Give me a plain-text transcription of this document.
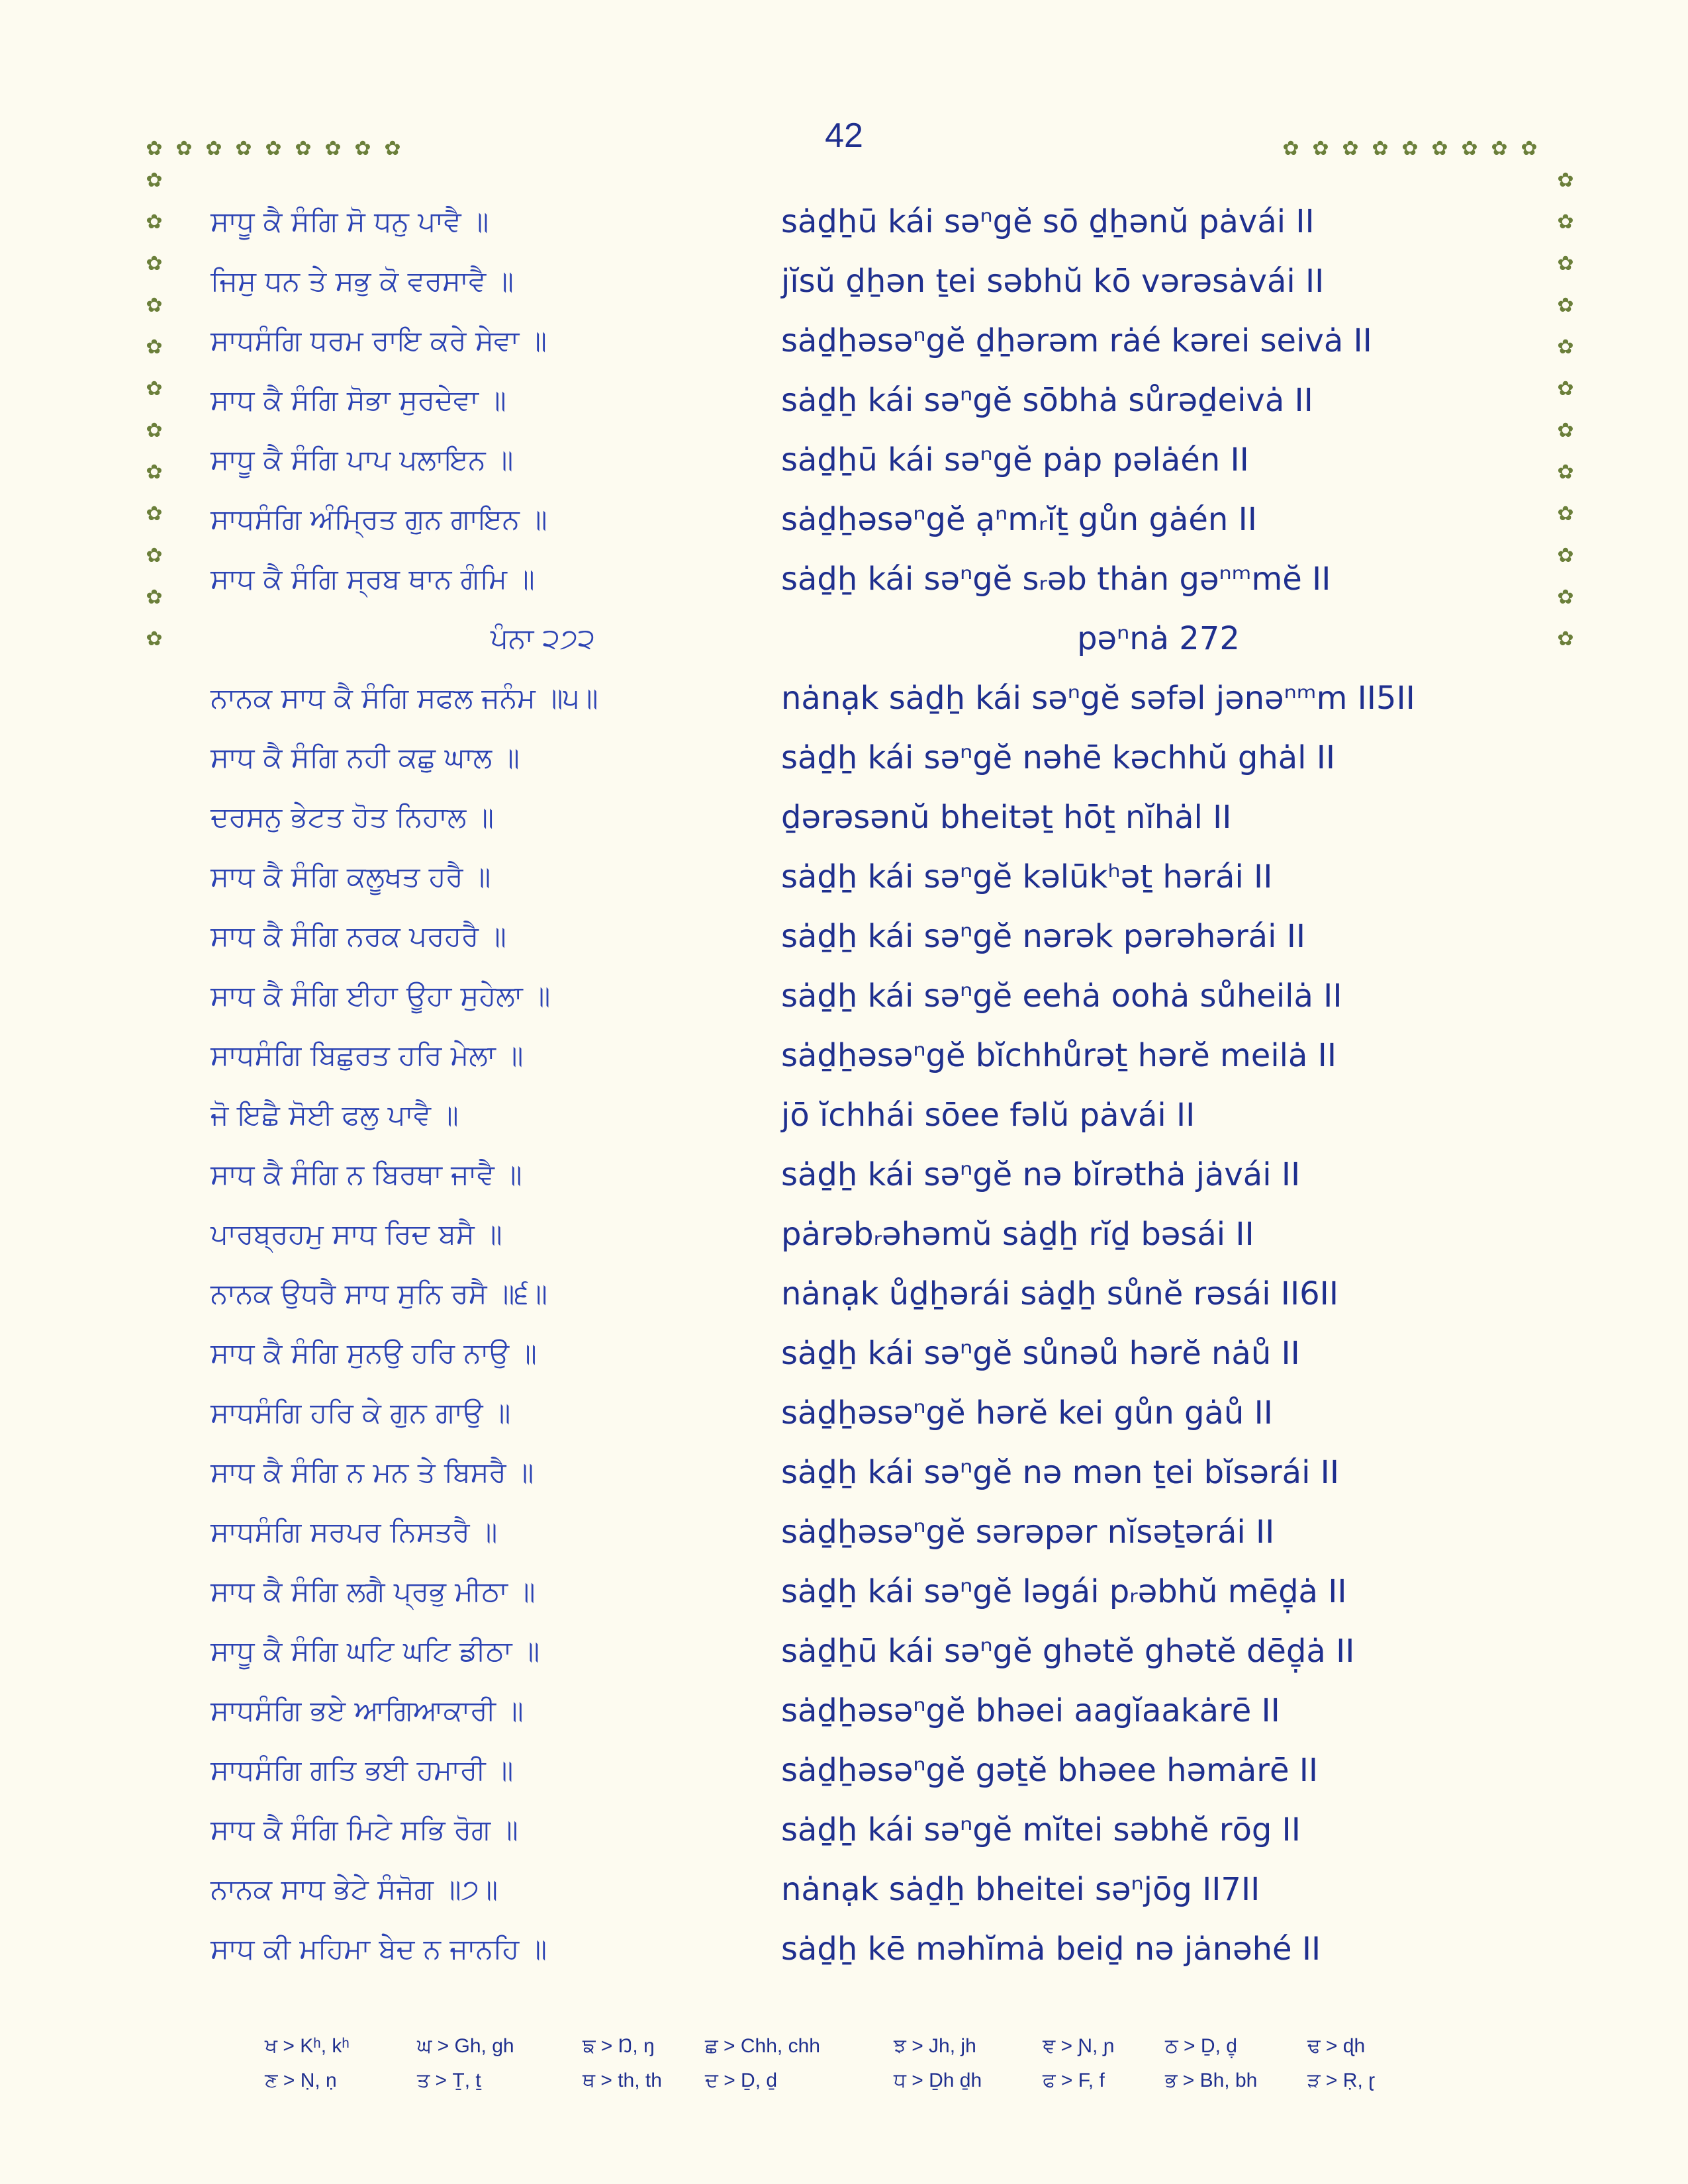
42
✿ ✿ ✿ ✿ ✿ ✿ ✿ ✿ ✿	✿ ✿ ✿ ✿ ✿ ✿ ✿ ✿ ✿
✿
✿
✿
✿
✿
✿
✿
✿
✿
✿
✿
✿
✿
✿
✿
✿
✿
✿
✿
✿
✿
✿
✿
✿
ਸਾਧੂ ਕੈ ਸੰਗਿ ਸੋ ਧਨੁ ਪਾਵੈ ॥	sȧḏẖū kái səⁿgĕ sō ḏẖənŭ pȧvái II
ਜਿਸੁ ਧਨ ਤੇ ਸਭੁ ਕੋ ਵਰਸਾਵੈ ॥	jĭsŭ ḏẖən ṯei səbhŭ kō vərəsȧvái II
ਸਾਧਸੰਗਿ ਧਰਮ ਰਾਇ ਕਰੇ ਸੇਵਾ ॥	sȧḏẖəsəⁿgĕ ḏẖərəm rȧé kərei seivȧ II
ਸਾਧ ਕੈ ਸੰਗਿ ਸੋਭਾ ਸੁਰਦੇਵਾ ॥	sȧḏẖ kái səⁿgĕ sōbhȧ sůrəḏeivȧ II
ਸਾਧੂ ਕੈ ਸੰਗਿ ਪਾਪ ਪਲਾਇਨ ॥	sȧḏẖū kái səⁿgĕ pȧp pəlȧén II
ਸਾਧਸੰਗਿ ਅੰਮ੍ਰਿਤ ਗੁਨ ਗਾਇਨ ॥	sȧḏẖəsəⁿgĕ ạⁿmᵣĭṯ gůn gȧén II
ਸਾਧ ਕੈ ਸੰਗਿ ਸ੍ਰਬ ਥਾਨ ਗੰਮਿ ॥	sȧḏẖ kái səⁿgĕ sᵣəb thȧn gəⁿᵐmĕ II
ਪੰਨਾ ੨੭੨	pəⁿnȧ 272
ਨਾਨਕ ਸਾਧ ਕੈ ਸੰਗਿ ਸਫਲ ਜਨੰਮ ॥੫॥	nȧnạk sȧḏẖ kái səⁿgĕ səfəl jənəⁿᵐm II5II
ਸਾਧ ਕੈ ਸੰਗਿ ਨਹੀ ਕਛੁ ਘਾਲ ॥	sȧḏẖ kái səⁿgĕ nəhē kəchhŭ ghȧl II
ਦਰਸਨੁ ਭੇਟਤ ਹੋਤ ਨਿਹਾਲ ॥	ḏərəsənŭ bheitəṯ hōṯ nĭhȧl II
ਸਾਧ ਕੈ ਸੰਗਿ ਕਲੂਖਤ ਹਰੈ ॥	sȧḏẖ kái səⁿgĕ kəlūkʰəṯ hərái II
ਸਾਧ ਕੈ ਸੰਗਿ ਨਰਕ ਪਰਹਰੈ ॥	sȧḏẖ kái səⁿgĕ nərək pərəhərái II
ਸਾਧ ਕੈ ਸੰਗਿ ਈਹਾ ਊਹਾ ਸੁਹੇਲਾ ॥	sȧḏẖ kái səⁿgĕ eehȧ oohȧ sůheilȧ II
ਸਾਧਸੰਗਿ ਬਿਛੁਰਤ ਹਰਿ ਮੇਲਾ ॥	sȧḏẖəsəⁿgĕ bĭchhůrəṯ hərĕ meilȧ II
ਜੋ ਇਛੈ ਸੋਈ ਫਲੁ ਪਾਵੈ ॥	jō ĭchhái sōee fəlŭ pȧvái II
ਸਾਧ ਕੈ ਸੰਗਿ ਨ ਬਿਰਥਾ ਜਾਵੈ ॥	sȧḏẖ kái səⁿgĕ nə bĭrəthȧ jȧvái II
ਪਾਰਬ੍ਰਹਮੁ ਸਾਧ ਰਿਦ ਬਸੈ ॥	pȧrəbᵣəhəmŭ sȧḏẖ rĭḏ bəsái II
ਨਾਨਕ ਉਧਰੈ ਸਾਧ ਸੁਨਿ ਰਸੈ ॥੬॥	nȧnạk ůḏẖərái sȧḏẖ sůnĕ rəsái II6II
ਸਾਧ ਕੈ ਸੰਗਿ ਸੁਨਉ ਹਰਿ ਨਾਉ ॥	sȧḏẖ kái səⁿgĕ sůnəů hərĕ nȧů II
ਸਾਧਸੰਗਿ ਹਰਿ ਕੇ ਗੁਨ ਗਾਉ ॥	sȧḏẖəsəⁿgĕ hərĕ kei gůn gȧů II
ਸਾਧ ਕੈ ਸੰਗਿ ਨ ਮਨ ਤੇ ਬਿਸਰੈ ॥	sȧḏẖ kái səⁿgĕ nə mən ṯei bĭsərái II
ਸਾਧਸੰਗਿ ਸਰਪਰ ਨਿਸਤਰੈ ॥	sȧḏẖəsəⁿgĕ sərəpər nĭsəṯərái II
ਸਾਧ ਕੈ ਸੰਗਿ ਲਗੈ ਪ੍ਰਭੁ ਮੀਠਾ ॥	sȧḏẖ kái səⁿgĕ ləgái pᵣəbhŭ mēḏ̣ȧ II
ਸਾਧੂ ਕੈ ਸੰਗਿ ਘਟਿ ਘਟਿ ਡੀਠਾ ॥	sȧḏẖū kái səⁿgĕ ghətĕ ghətĕ dēḏ̣ȧ II
ਸਾਧਸੰਗਿ ਭਏ ਆਗਿਆਕਾਰੀ ॥	sȧḏẖəsəⁿgĕ bhəei aagĭaakȧrē II
ਸਾਧਸੰਗਿ ਗਤਿ ਭਈ ਹਮਾਰੀ ॥	sȧḏẖəsəⁿgĕ gəṯĕ bhəee həmȧrē II
ਸਾਧ ਕੈ ਸੰਗਿ ਮਿਟੇ ਸਭਿ ਰੋਗ ॥	sȧḏẖ kái səⁿgĕ mĭtei səbhĕ rōg II
ਨਾਨਕ ਸਾਧ ਭੇਟੇ ਸੰਜੋਗ ॥੭॥	nȧnạk sȧḏẖ bheitei səⁿjōg II7II
ਸਾਧ ਕੀ ਮਹਿਮਾ ਬੇਦ ਨ ਜਾਨਹਿ ॥	sȧḏẖ kē məhĭmȧ beiḏ nə jȧnəhé II
ਖ > Kʰ, kʰ	ਘ > Gh, gh	ਙ > Ŋ, ŋ	ਛ > Chh, chh	ਝ > Jh, jh	ਞ > Ɲ, ɲ	ਠ > Ḏ, ḏ̣	ਢ > ɖh
ਣ > Ṇ, ṇ	ਤ > Ṯ, ṯ	ਥ > th, th ਦ > Ḏ, ḏ	ਧ > Ḏh ḏh	ਫ > F, f	ਭ > Bh, bh	ੜ > Ṛ, ɽ
